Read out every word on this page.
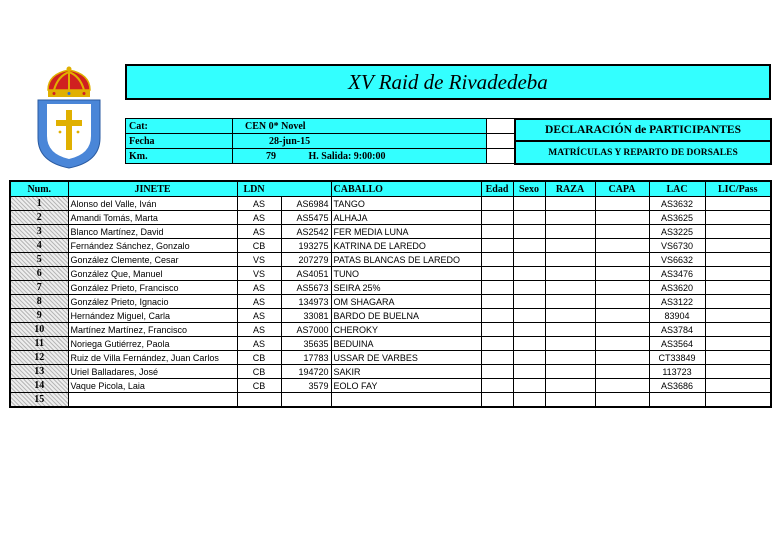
XV Raid de Rivadedeba
Cat:	CEN 0* Novel	
Fecha	28-jun-15	
Km.	79 H. Salida: 9:00:00	
DECLARACIÓN de PARTICIPANTES
MATRÍCULAS Y REPARTO DE DORSALES
Num.	JINETE	LDN		CABALLO	Edad	Sexo	RAZA	CAPA	LAC	LIC/Pass
1	Alonso del Valle, Iván	AS	AS6984	TANGO					AS3632	
2	Amandi Tomás, Marta	AS	AS5475	ALHAJA					AS3625	
3	Blanco Martínez, David	AS	AS2542	FER MEDIA LUNA					AS3225	
4	Fernández Sánchez, Gonzalo	CB	193275	KATRINA DE LAREDO					VS6730	
5	González Clemente, Cesar	VS	207279	PATAS BLANCAS DE LAREDO					VS6632	
6	González Que, Manuel	VS	AS4051	TUNO					AS3476	
7	González Prieto, Francisco	AS	AS5673	SEIRA 25%					AS3620	
8	González Prieto, Ignacio	AS	134973	OM SHAGARA					AS3122	
9	Hernández Miguel, Carla	AS	33081	BARDO DE BUELNA					83904	
10	Martínez Martínez, Francisco	AS	AS7000	CHEROKY					AS3784	
11	Noriega Gutiérrez, Paola	AS	35635	BEDUINA					AS3564	
12	Ruiz de Villa Fernández, Juan Carlos	CB	17783	USSAR DE VARBES					CT33849	
13	Uriel Balladares, José	CB	194720	SAKIR					113723	
14	Vaque Picola, Laia	CB	3579	EOLO FAY					AS3686	
15										
